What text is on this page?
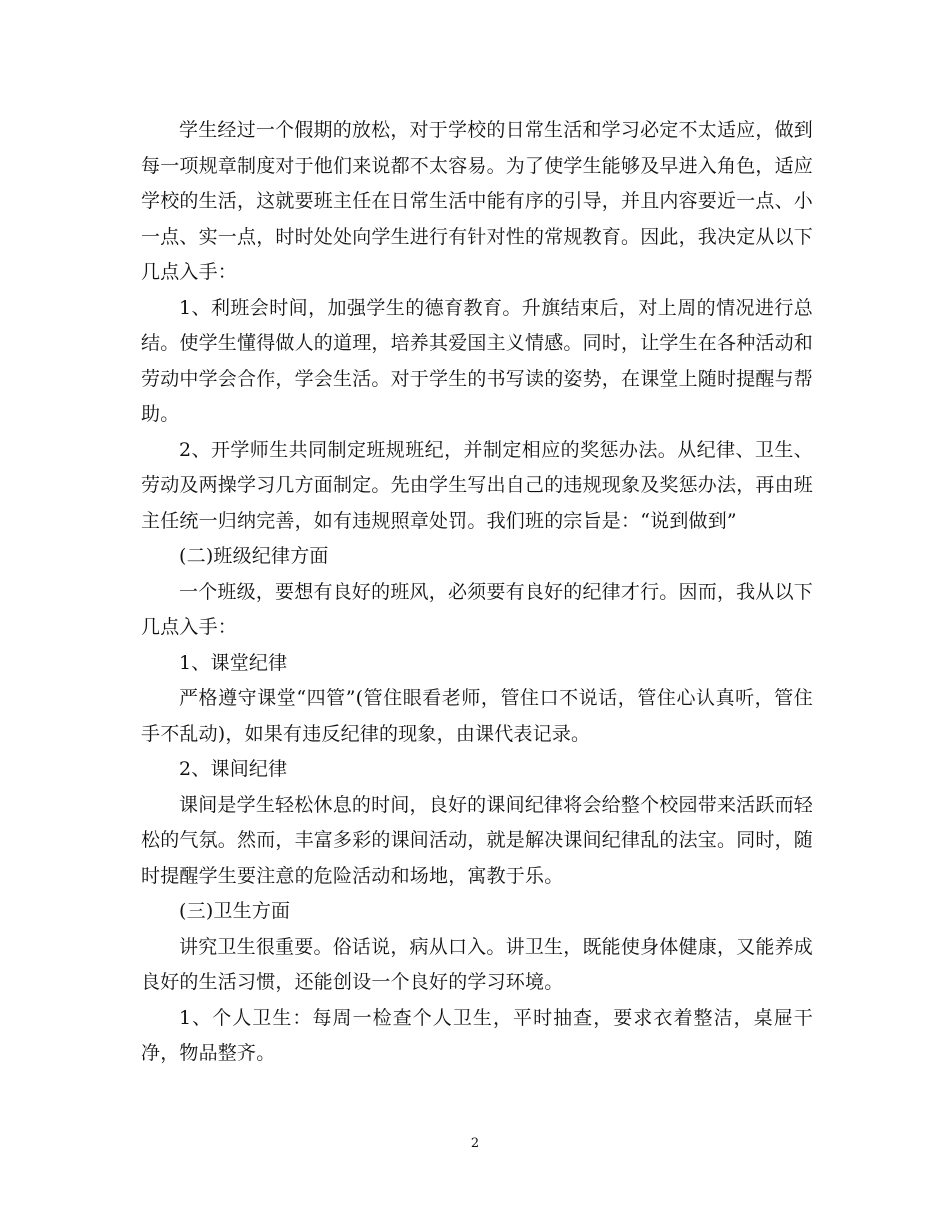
学生经过一个假期的放松，对于学校的日常生活和学习必定不太适应，做到每一项规章制度对于他们来说都不太容易。为了使学生能够及早进入角色，适应学校的生活，这就要班主任在日常生活中能有序的引导，并且内容要近一点、小一点、实一点，时时处处向学生进行有针对性的常规教育。因此，我决定从以下几点入手：

1、利班会时间，加强学生的德育教育。升旗结束后，对上周的情况进行总结。使学生懂得做人的道理，培养其爱国主义情感。同时，让学生在各种活动和劳动中学会合作，学会生活。对于学生的书写读的姿势，在课堂上随时提醒与帮助。

2、开学师生共同制定班规班纪，并制定相应的奖惩办法。从纪律、卫生、劳动及两操学习几方面制定。先由学生写出自己的违规现象及奖惩办法，再由班主任统一归纳完善，如有违规照章处罚。我们班的宗旨是：“说到做到”

(二)班级纪律方面

一个班级，要想有良好的班风，必须要有良好的纪律才行。因而，我从以下几点入手：

1、课堂纪律

严格遵守课堂“四管”(管住眼看老师，管住口不说话，管住心认真听，管住手不乱动)，如果有违反纪律的现象，由课代表记录。

2、课间纪律

课间是学生轻松休息的时间，良好的课间纪律将会给整个校园带来活跃而轻松的气氛。然而，丰富多彩的课间活动，就是解决课间纪律乱的法宝。同时，随时提醒学生要注意的危险活动和场地，寓教于乐。

(三)卫生方面

讲究卫生很重要。俗话说，病从口入。讲卫生，既能使身体健康，又能养成良好的生活习惯，还能创设一个良好的学习环境。

1、个人卫生：每周一检查个人卫生，平时抽查，要求衣着整洁，桌屉干净，物品整齐。

2
